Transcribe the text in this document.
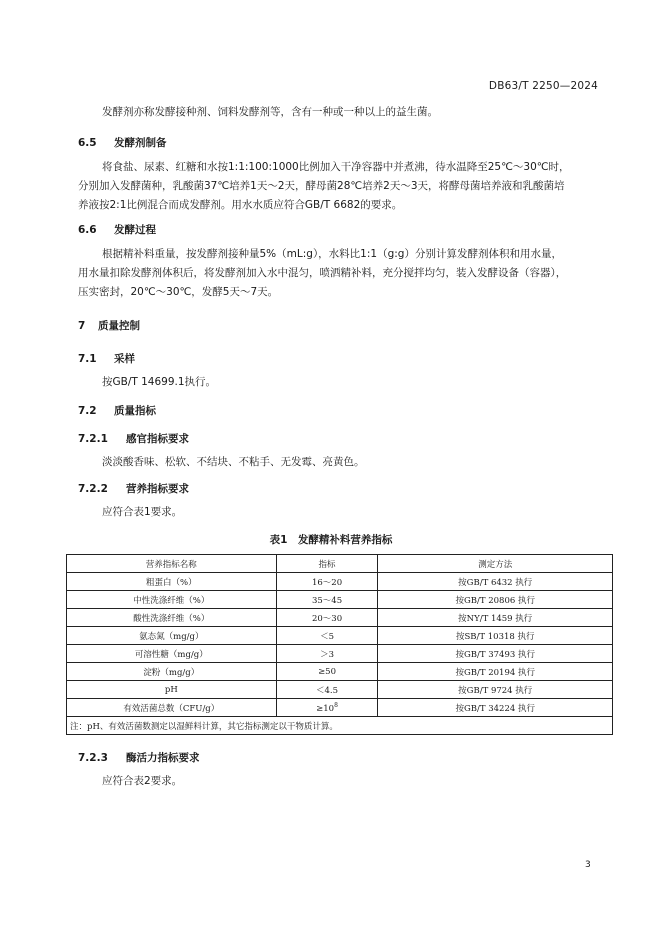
DB63/T 2250—2024
发酵剂亦称发酵接种剂、饲料发酵剂等，含有一种或一种以上的益生菌。
6.5 发酵剂制备
将食盐、尿素、红糖和水按1:1:100:1000比例加入干净容器中并煮沸，待水温降至25℃～30℃时，
分别加入发酵菌种，乳酸菌37℃培养1天～2天，酵母菌28℃培养2天～3天，将酵母菌培养液和乳酸菌培
养液按2:1比例混合而成发酵剂。用水水质应符合GB/T 6682的要求。
6.6 发酵过程
根据精补料重量，按发酵剂接种量5%（mL:g），水料比1:1（g:g）分别计算发酵剂体积和用水量，
用水量扣除发酵剂体积后，将发酵剂加入水中混匀，喷洒精补料，充分搅拌均匀，装入发酵设备（容器），
压实密封，20℃～30℃，发酵5天～7天。
7 质量控制
7.1 采样
按GB/T 14699.1执行。
7.2 质量指标
7.2.1 感官指标要求
淡淡酸香味、松软、不结块、不粘手、无发霉、亮黄色。
7.2.2 营养指标要求
应符合表1要求。
表1　发酵精补料营养指标
营养指标名称	指标	测定方法
粗蛋白（%）	16～20	按GB/T 6432 执行
中性洗涤纤维（%）	35～45	按GB/T 20806 执行
酸性洗涤纤维（%）	20～30	按NY/T 1459 执行
氨态氮（mg/g）	＜5	按SB/T 10318 执行
可溶性糖（mg/g）	＞3	按GB/T 37493 执行
淀粉（mg/g）	≥50	按GB/T 20194 执行
pH	＜4.5	按GB/T 9724 执行
有效活菌总数（CFU/g）	$\ge 10^8$	按GB/T 34224 执行
注：pH、有效活菌数测定以湿鲜料计算，其它指标测定以干物质计算。		
7.2.3 酶活力指标要求
应符合表2要求。
3
